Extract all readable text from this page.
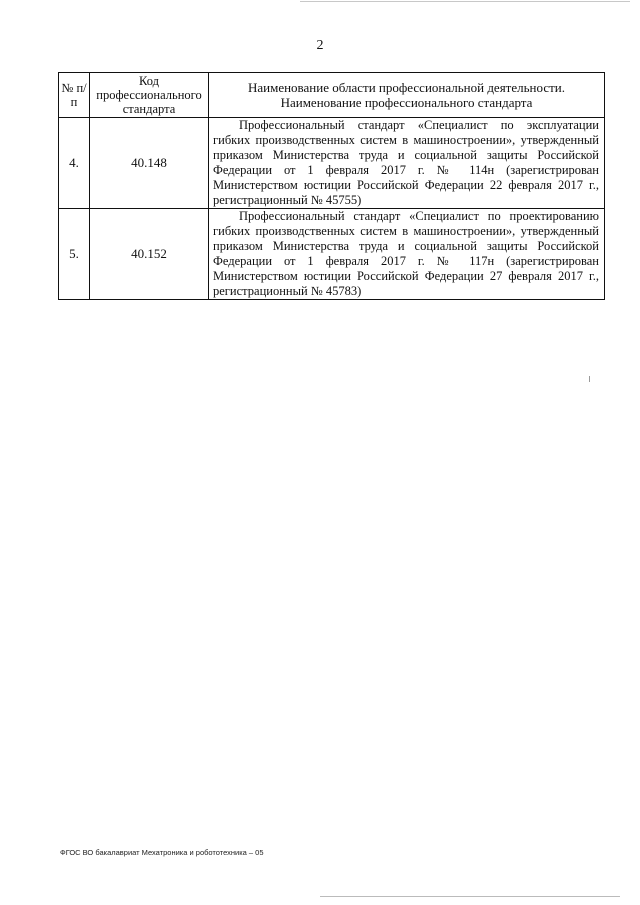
2
№ п/п	Код профессионального стандарта	Наименование области профессиональной деятельности.
Наименование профессионального стандарта

4.	40.148	Профессиональный стандарт «Специалист по эксплуатации гибких производственных систем в машиностроении», утвержденный приказом Министерства труда и социальной защиты Российской Федерации от 1 февраля 2017 г. № 114н (зарегистрирован Министерством юстиции Российской Федерации 22 февраля 2017 г., регистрационный № 45755)
5.	40.152	Профессиональный стандарт «Специалист по проектированию гибких производственных систем в машиностроении», утвержденный приказом Министерства труда и социальной защиты Российской Федерации от 1 февраля 2017 г. № 117н (зарегистрирован Министерством юстиции Российской Федерации 27 февраля 2017 г., регистрационный № 45783)
ФГОС ВО бакалавриат Мехатроника и робототехника – 05
